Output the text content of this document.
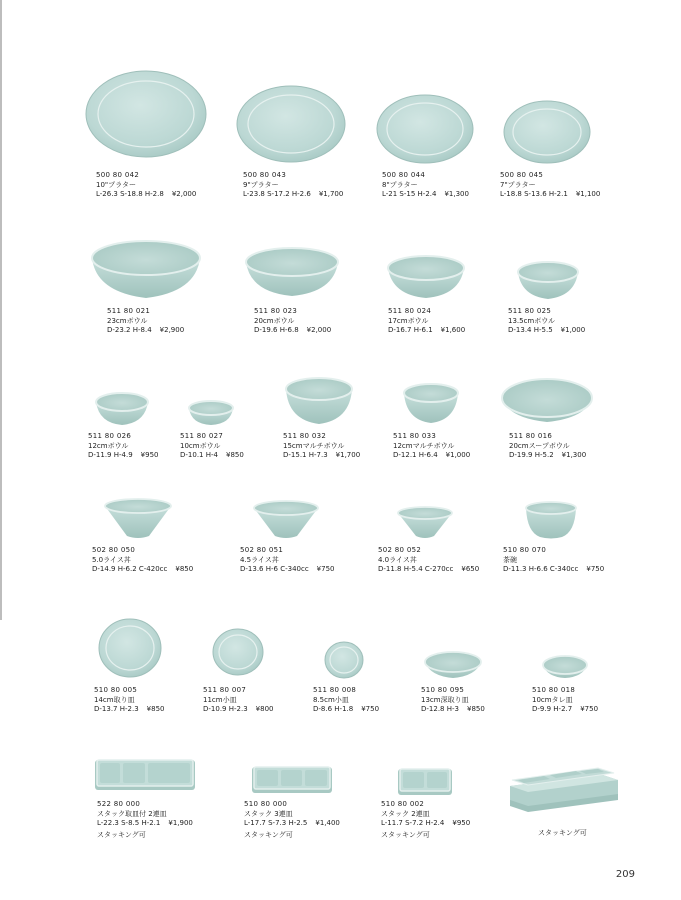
500 80 042
10"プラター
L-26.3 S-18.8 H-2.8 ¥2,000
500 80 043
9"プラター
L-23.8 S-17.2 H-2.6 ¥1,700
500 80 044
8"プラター
L-21 S-15 H-2.4 ¥1,300
500 80 045
7"プラター
L-18.8 S-13.6 H-2.1 ¥1,100
511 80 021
23cmボウル
D-23.2 H-8.4 ¥2,900
511 80 023
20cmボウル
D-19.6 H-6.8 ¥2,000
511 80 024
17cmボウル
D-16.7 H-6.1 ¥1,600
511 80 025
13.5cmボウル
D-13.4 H-5.5 ¥1,000
511 80 026
12cmボウル
D-11.9 H-4.9 ¥950
511 80 027
10cmボウル
D-10.1 H-4 ¥850
511 80 032
15cmマルチボウル
D-15.1 H-7.3 ¥1,700
511 80 033
12cmマルチボウル
D-12.1 H-6.4 ¥1,000
511 80 016
20cmスープボウル
D-19.9 H-5.2 ¥1,300
502 80 050
5.0ライス丼
D-14.9 H-6.2 C-420cc ¥850
502 80 051
4.5ライス丼
D-13.6 H-6 C-340cc ¥750
502 80 052
4.0ライス丼
D-11.8 H-5.4 C-270cc ¥650
510 80 070
茶碗
D-11.3 H-6.6 C-340cc ¥750
510 80 005
14cm取り皿
D-13.7 H-2.3 ¥850
511 80 007
11cm小皿
D-10.9 H-2.3 ¥800
511 80 008
8.5cm小皿
D-8.6 H-1.8 ¥750
510 80 095
13cm深取り皿
D-12.8 H-3 ¥850
510 80 018
10cmタレ皿
D-9.9 H-2.7 ¥750
522 80 000
スタック取皿付 2連皿
L-22.3 S-8.5 H-2.1 ¥1,900
スタッキング可
510 80 000
スタック 3連皿
L-17.7 S-7.3 H-2.5 ¥1,400
スタッキング可
510 80 002
スタック 2連皿
L-11.7 S-7.2 H-2.4 ¥950
スタッキング可	スタッキング可
209
